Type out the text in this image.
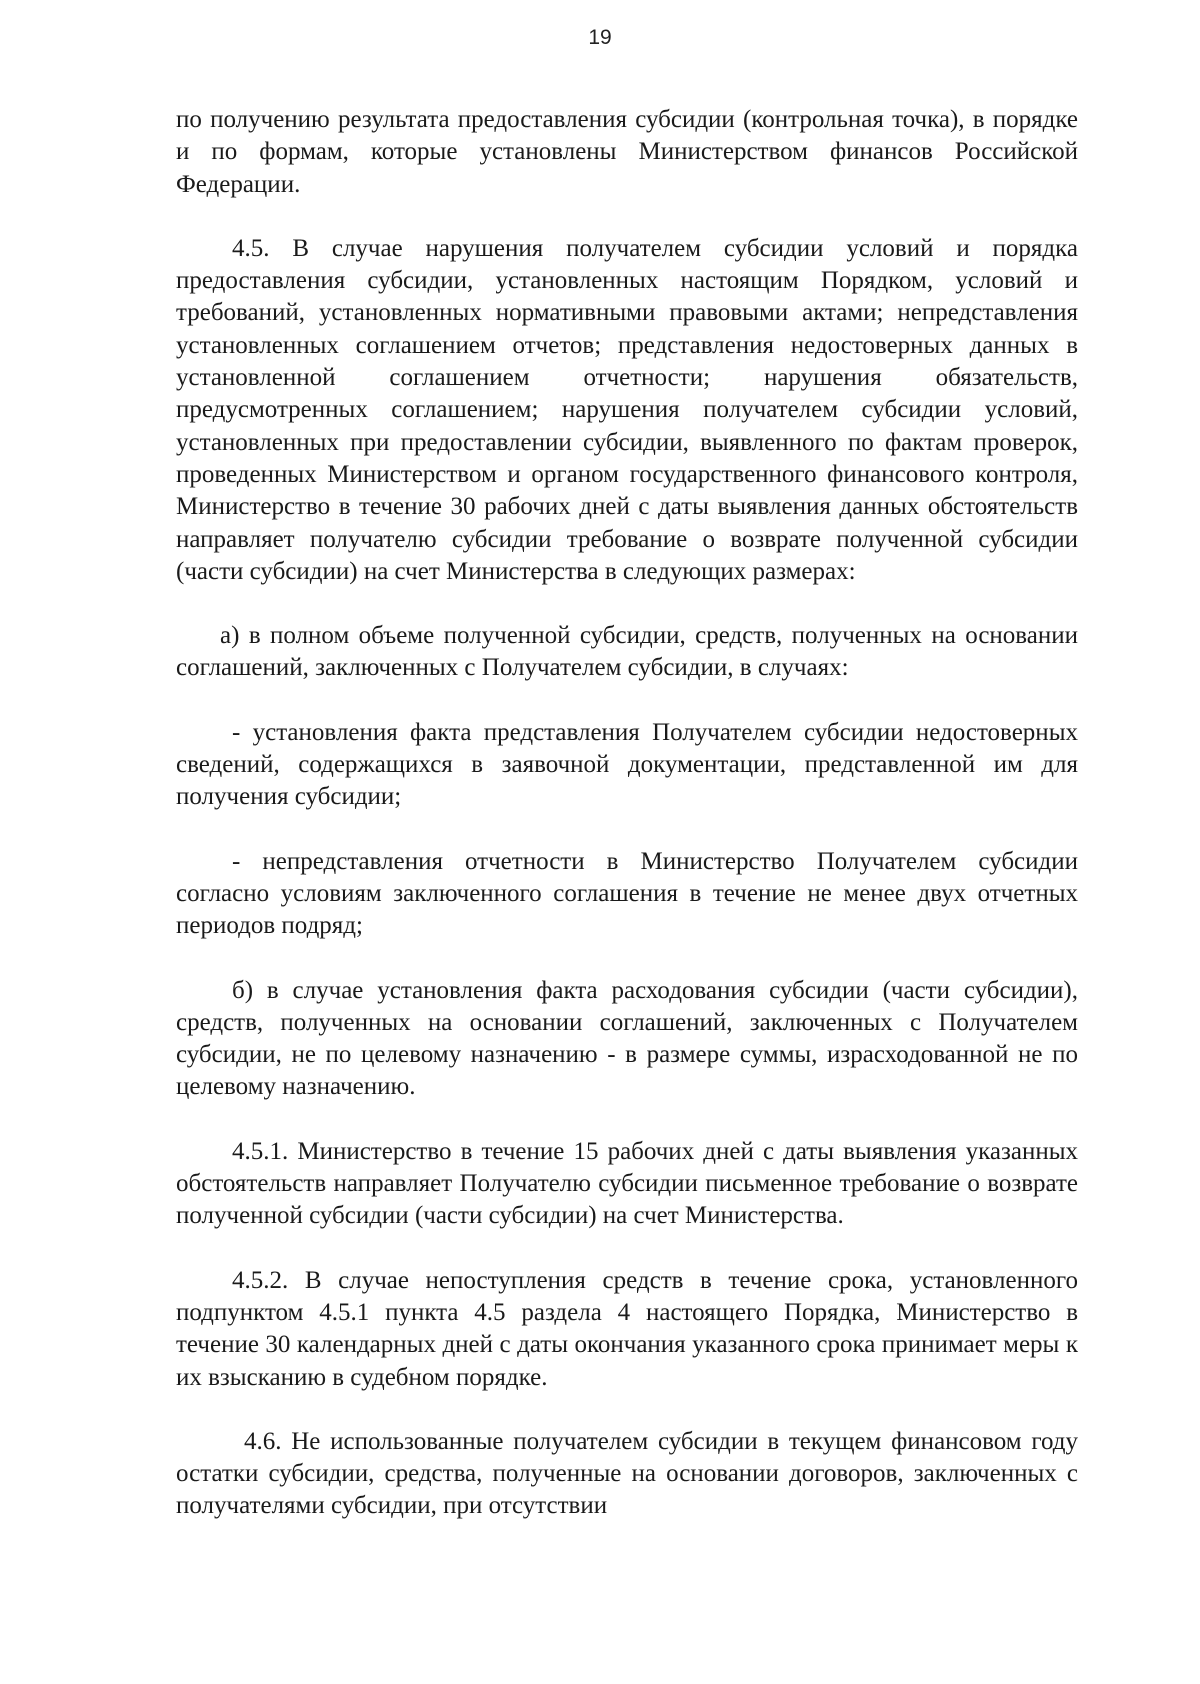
19

по получению результата предоставления субсидии (контрольная точка), в порядке и по формам, которые установлены Министерством финансов Российской Федерации.

4.5. В случае нарушения получателем субсидии условий и порядка предоставления субсидии, установленных настоящим Порядком, условий и требований, установленных нормативными правовыми актами; непредставления установленных соглашением отчетов; представления недостоверных данных в установленной соглашением отчетности; нарушения обязательств, предусмотренных соглашением; нарушения получателем субсидии условий, установленных при предоставлении субсидии, выявленного по фактам проверок, проведенных Министерством и органом государственного финансового контроля, Министерство в течение 30 рабочих дней с даты выявления данных обстоятельств направляет получателю субсидии требование о возврате полученной субсидии (части субсидии) на счет Министерства в следующих размерах:

а) в полном объеме полученной субсидии, средств, полученных на основании соглашений, заключенных с Получателем субсидии, в случаях:

- установления факта представления Получателем субсидии недостоверных сведений, содержащихся в заявочной документации, представленной им для получения субсидии;

- непредставления отчетности в Министерство Получателем субсидии согласно условиям заключенного соглашения в течение не менее двух отчетных периодов подряд;

б) в случае установления факта расходования субсидии (части субсидии), средств, полученных на основании соглашений, заключенных с Получателем субсидии, не по целевому назначению - в размере суммы, израсходованной не по целевому назначению.

4.5.1. Министерство в течение 15 рабочих дней с даты выявления указанных обстоятельств направляет Получателю субсидии письменное требование о возврате полученной субсидии (части субсидии) на счет Министерства.

4.5.2. В случае непоступления средств в течение срока, установленного подпунктом 4.5.1 пункта 4.5 раздела 4 настоящего Порядка, Министерство в течение 30 календарных дней с даты окончания указанного срока принимает меры к их взысканию в судебном порядке.

4.6. Не использованные получателем субсидии в текущем финансовом году остатки субсидии, средства, полученные на основании договоров, заключенных с получателями субсидии, при отсутствии
